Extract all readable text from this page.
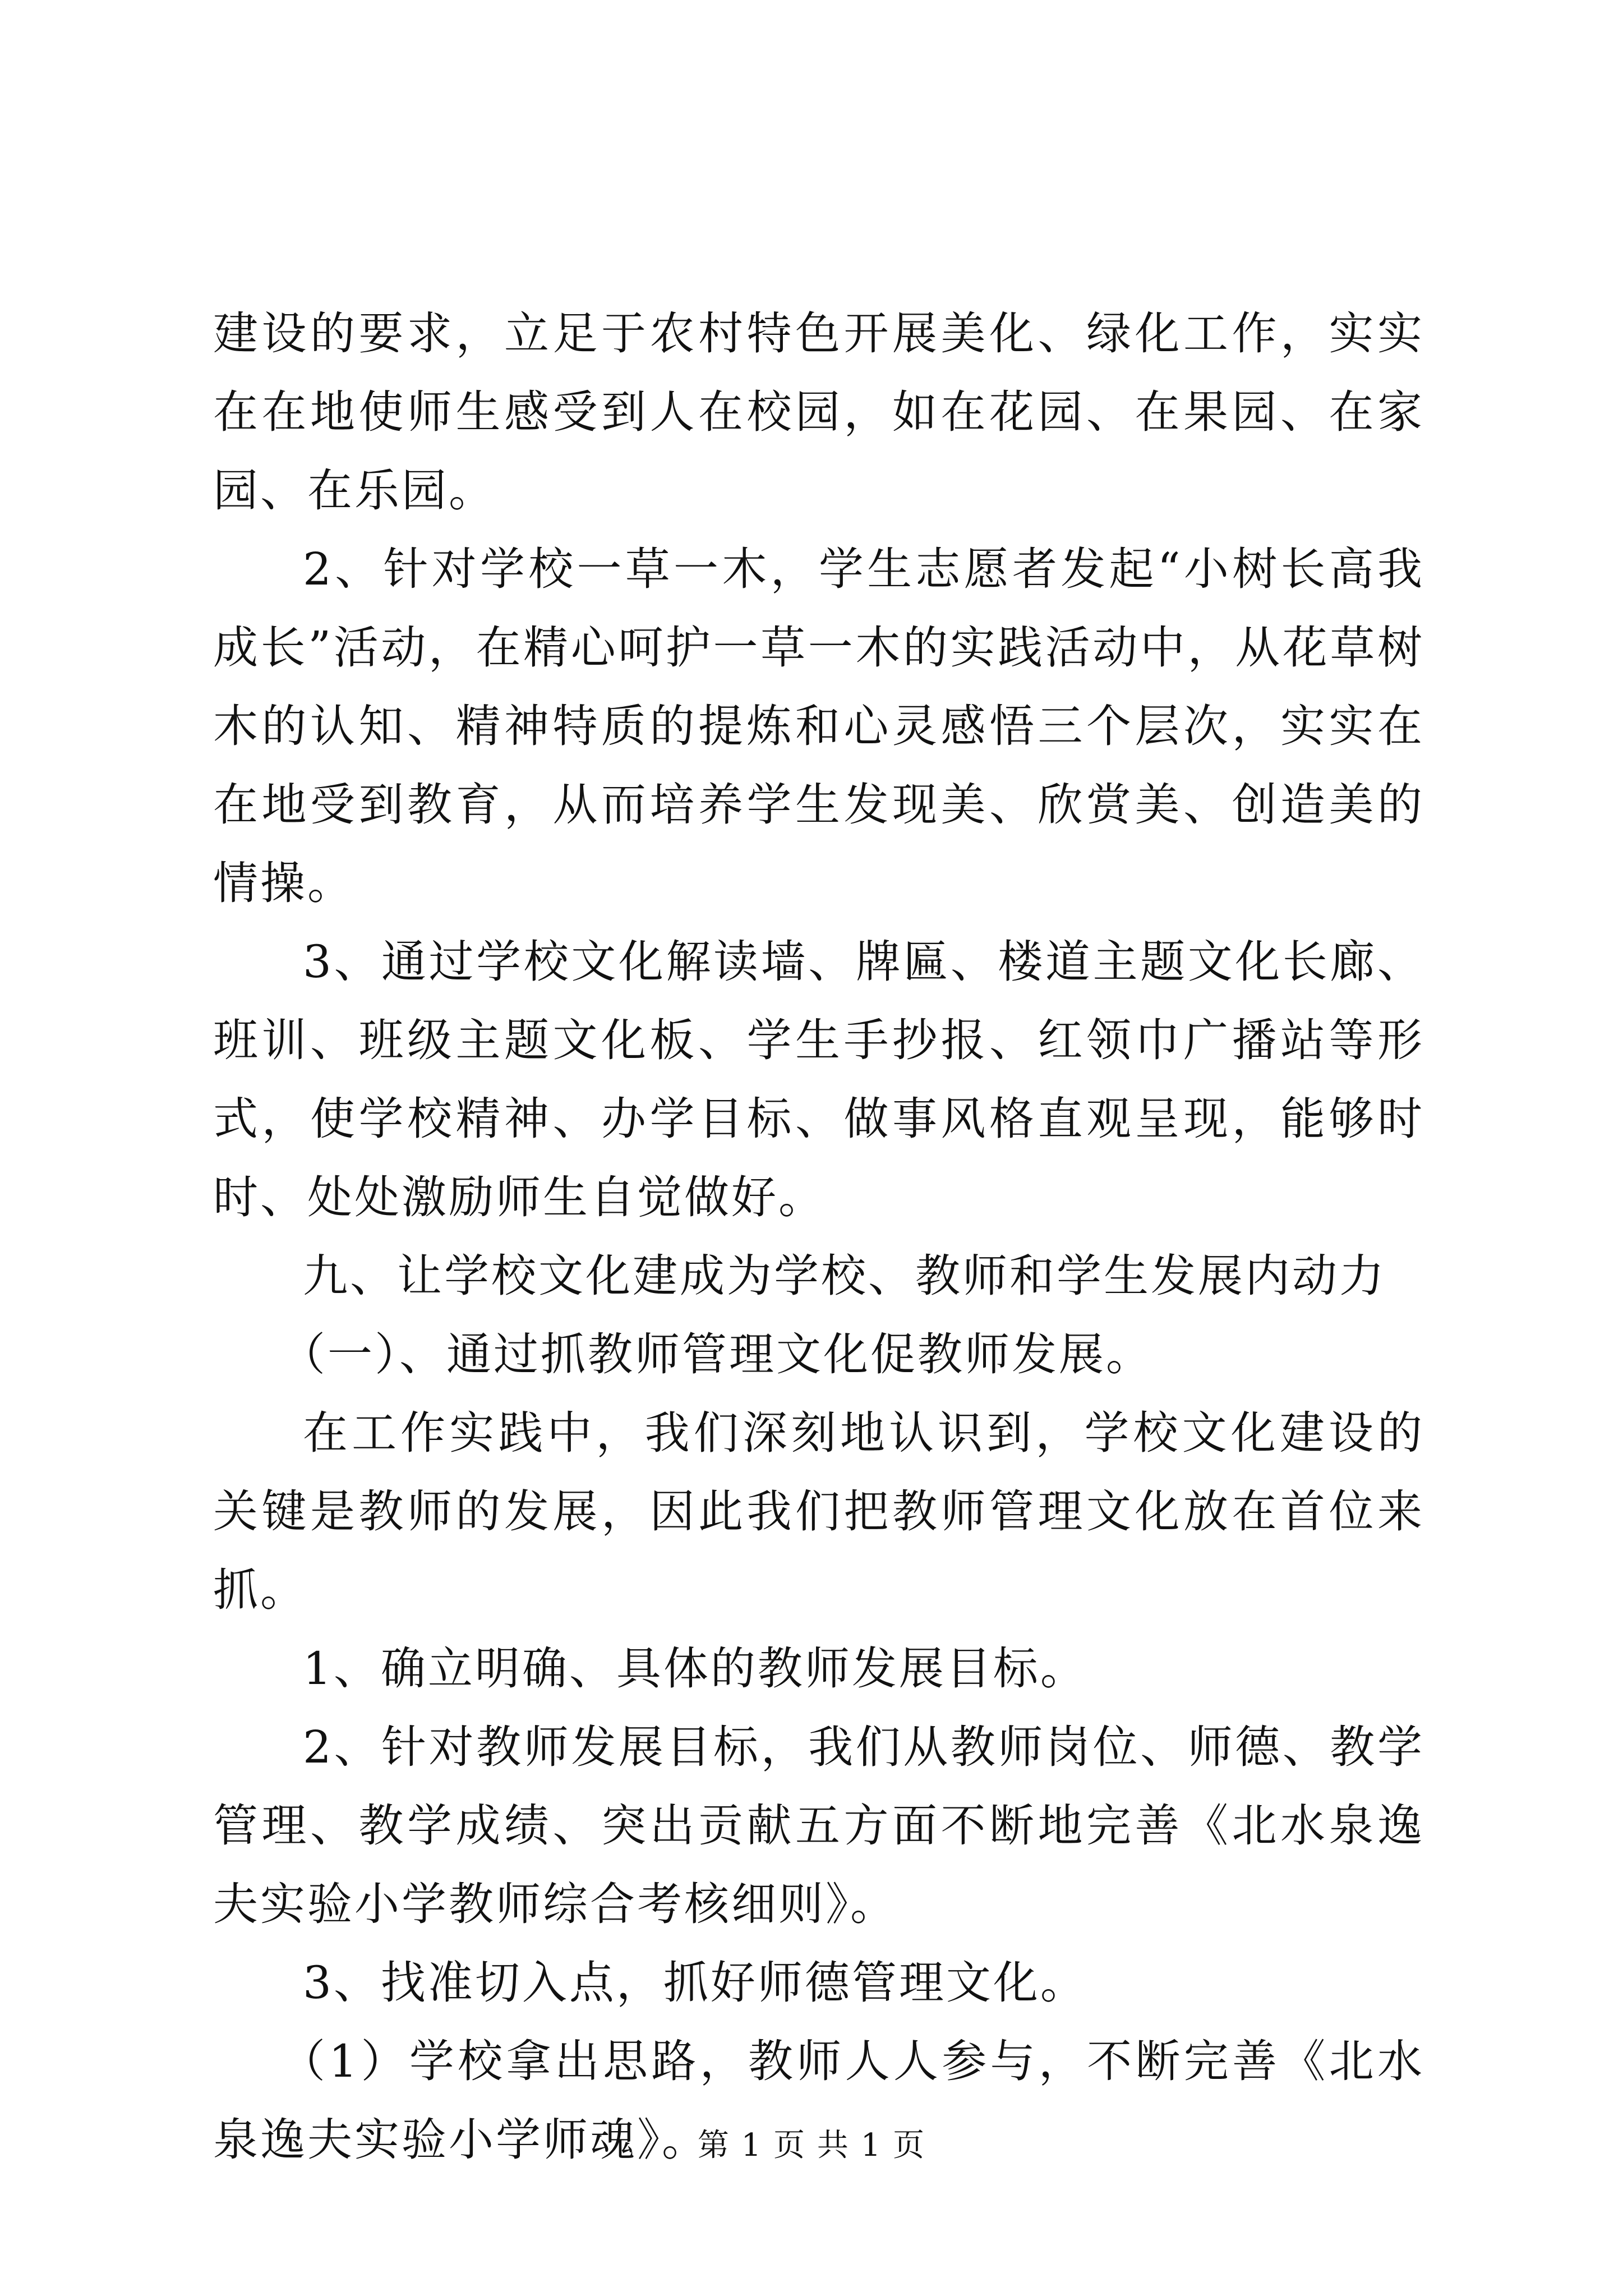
建设的要求，立足于农村特色开展美化、绿化工作，实实在在地使师生感受到人在校园，如在花园、在果园、在家园、在乐园。

2、针对学校一草一木，学生志愿者发起“小树长高我成长”活动，在精心呵护一草一木的实践活动中，从花草树木的认知、精神特质的提炼和心灵感悟三个层次，实实在在地受到教育，从而培养学生发现美、欣赏美、创造美的情操。

3、通过学校文化解读墙、牌匾、楼道主题文化长廊、班训、班级主题文化板、学生手抄报、红领巾广播站等形式，使学校精神、办学目标、做事风格直观呈现，能够时时、处处激励师生自觉做好。

九、让学校文化建成为学校、教师和学生发展内动力

（一）、通过抓教师管理文化促教师发展。

在工作实践中，我们深刻地认识到，学校文化建设的关键是教师的发展，因此我们把教师管理文化放在首位来抓。

1、确立明确、具体的教师发展目标。

2、针对教师发展目标，我们从教师岗位、师德、教学管理、教学成绩、突出贡献五方面不断地完善《北水泉逸夫实验小学教师综合考核细则》。

3、找准切入点，抓好师德管理文化。

（1）学校拿出思路，教师人人参与，不断完善《北水泉逸夫实验小学师魂》。

第 1 页 共 1 页
